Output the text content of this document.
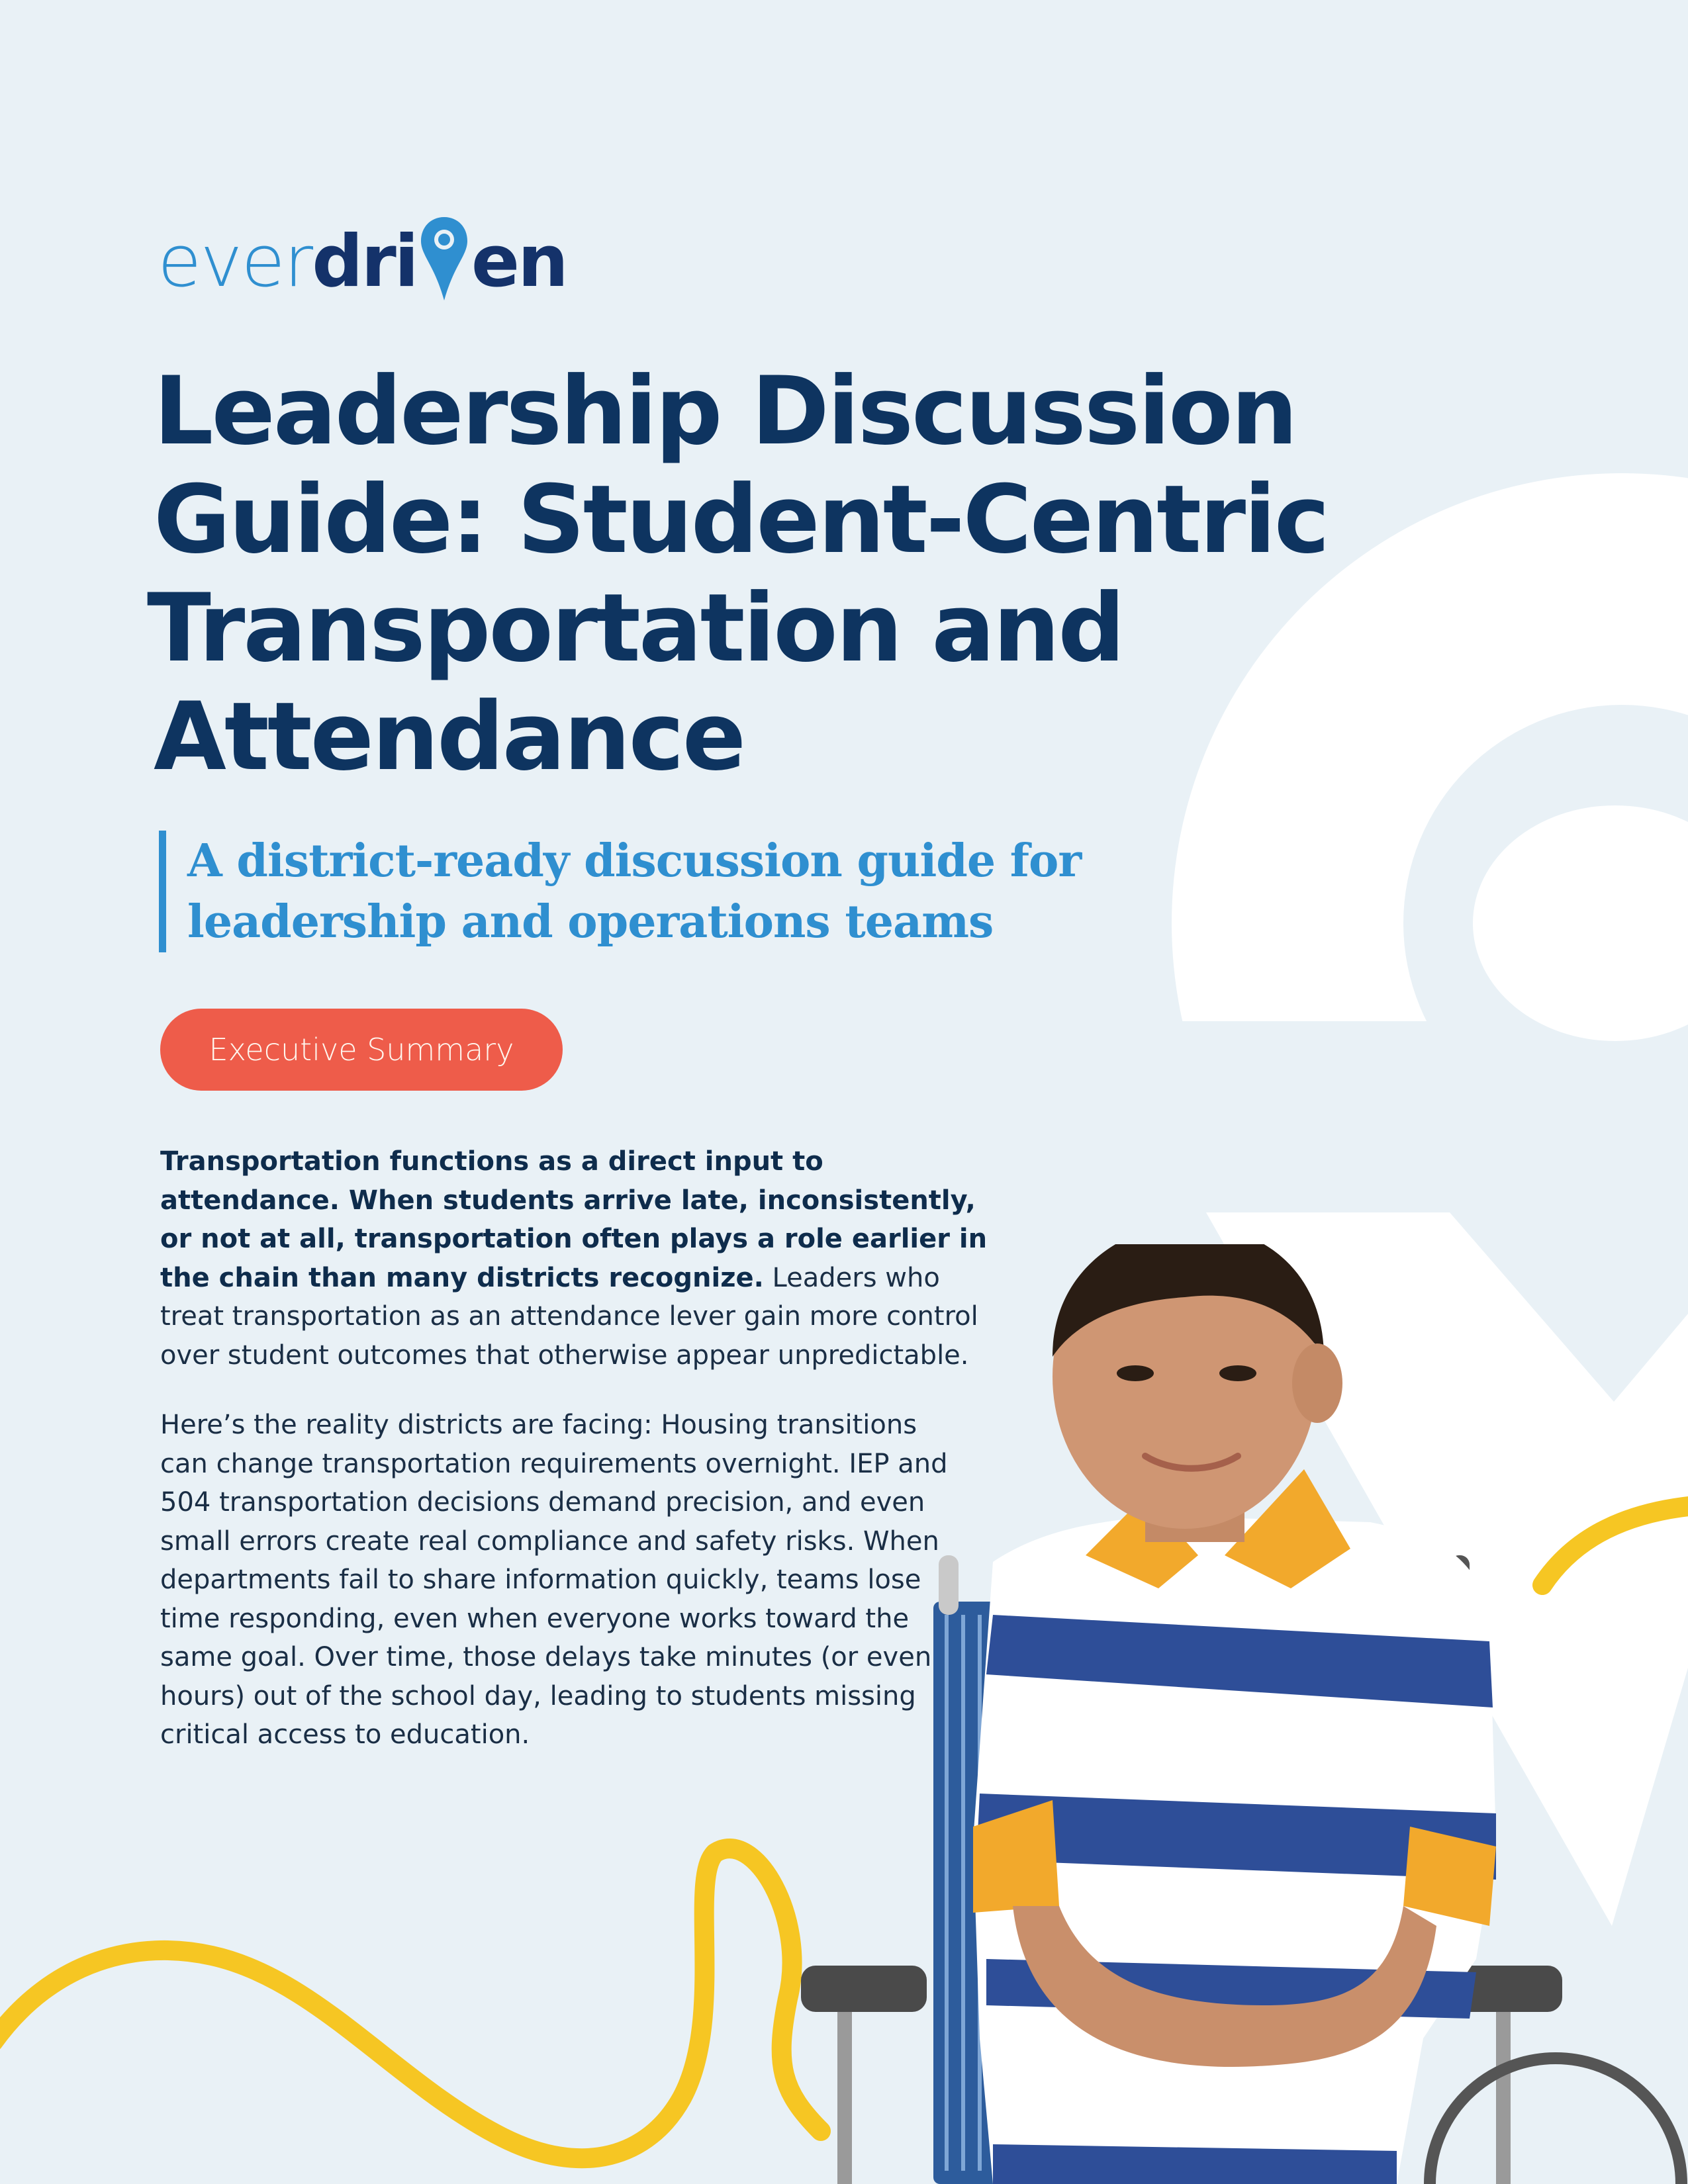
ever dri en
Leadership Discussion
Guide: Student-Centric
Transportation and
Attendance
A district-ready discussion guide for
leadership and operations teams
Executive Summary

Transportation functions as a direct input to attendance. When students arrive late, inconsistently, or not at all, transportation often plays a role earlier in the chain than many districts recognize. Leaders who treat transportation as an attendance lever gain more control over student outcomes that otherwise appear unpredictable.

Here’s the reality districts are facing: Housing transitions can change transportation requirements overnight. IEP and 504 transportation decisions demand precision, and even small errors create real compliance and safety risks. When departments fail to share information quickly, teams lose time responding, even when everyone works toward the same goal. Over time, those delays take minutes (or even hours) out of the school day, leading to students missing critical access to education.
